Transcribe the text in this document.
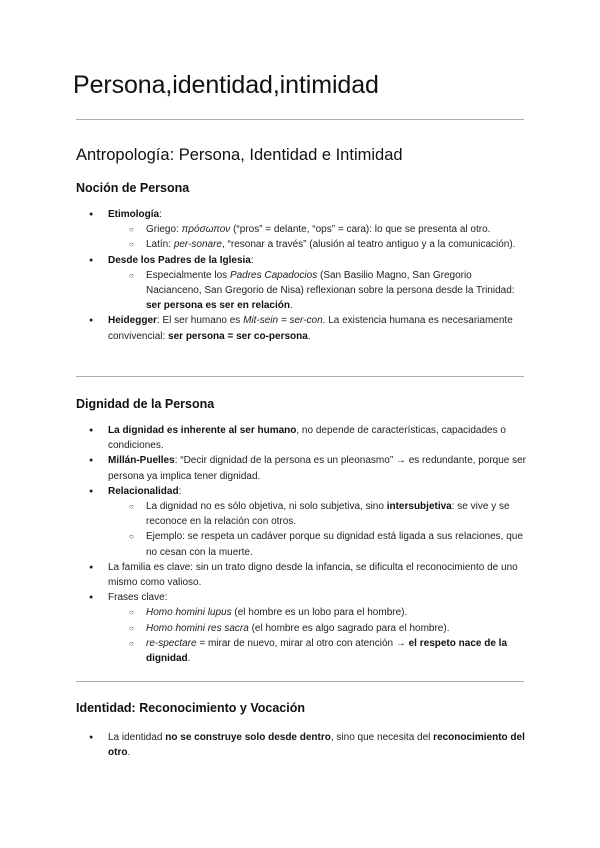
Persona,identidad,intimidad
Antropología: Persona, Identidad e Intimidad
Noción de Persona
● Etimología:
○ Griego: πρόσωπον (“pros” = delante, “ops” = cara): lo que se presenta al otro.
○ Latín: per-sonare, “resonar a través” (alusión al teatro antiguo y a la comunicación).
● Desde los Padres de la Iglesia:
○ Especialmente los Padres Capadocios (San Basilio Magno, San Gregorio Nacianceno, San Gregorio de Nisa) reflexionan sobre la persona desde la Trinidad: ser persona es ser en relación.
● Heidegger: El ser humano es Mit-sein = ser-con. La existencia humana es necesariamente convivencial: ser persona = ser co-persona.
Dignidad de la Persona
● La dignidad es inherente al ser humano, no depende de características, capacidades o condiciones.
● Millán-Puelles: “Decir dignidad de la persona es un pleonasmo” → es redundante, porque ser persona ya implica tener dignidad.
● Relacionalidad:
○ La dignidad no es sólo objetiva, ni solo subjetiva, sino intersubjetiva: se vive y se reconoce en la relación con otros.
○ Ejemplo: se respeta un cadáver porque su dignidad está ligada a sus relaciones, que no cesan con la muerte.
● La familia es clave: sin un trato digno desde la infancia, se dificulta el reconocimiento de uno mismo como valioso.
● Frases clave:
○ Homo homini lupus (el hombre es un lobo para el hombre).
○ Homo homini res sacra (el hombre es algo sagrado para el hombre).
○ re-spectare = mirar de nuevo, mirar al otro con atención → el respeto nace de la dignidad.
Identidad: Reconocimiento y Vocación
● La identidad no se construye solo desde dentro, sino que necesita del reconocimiento del otro.
